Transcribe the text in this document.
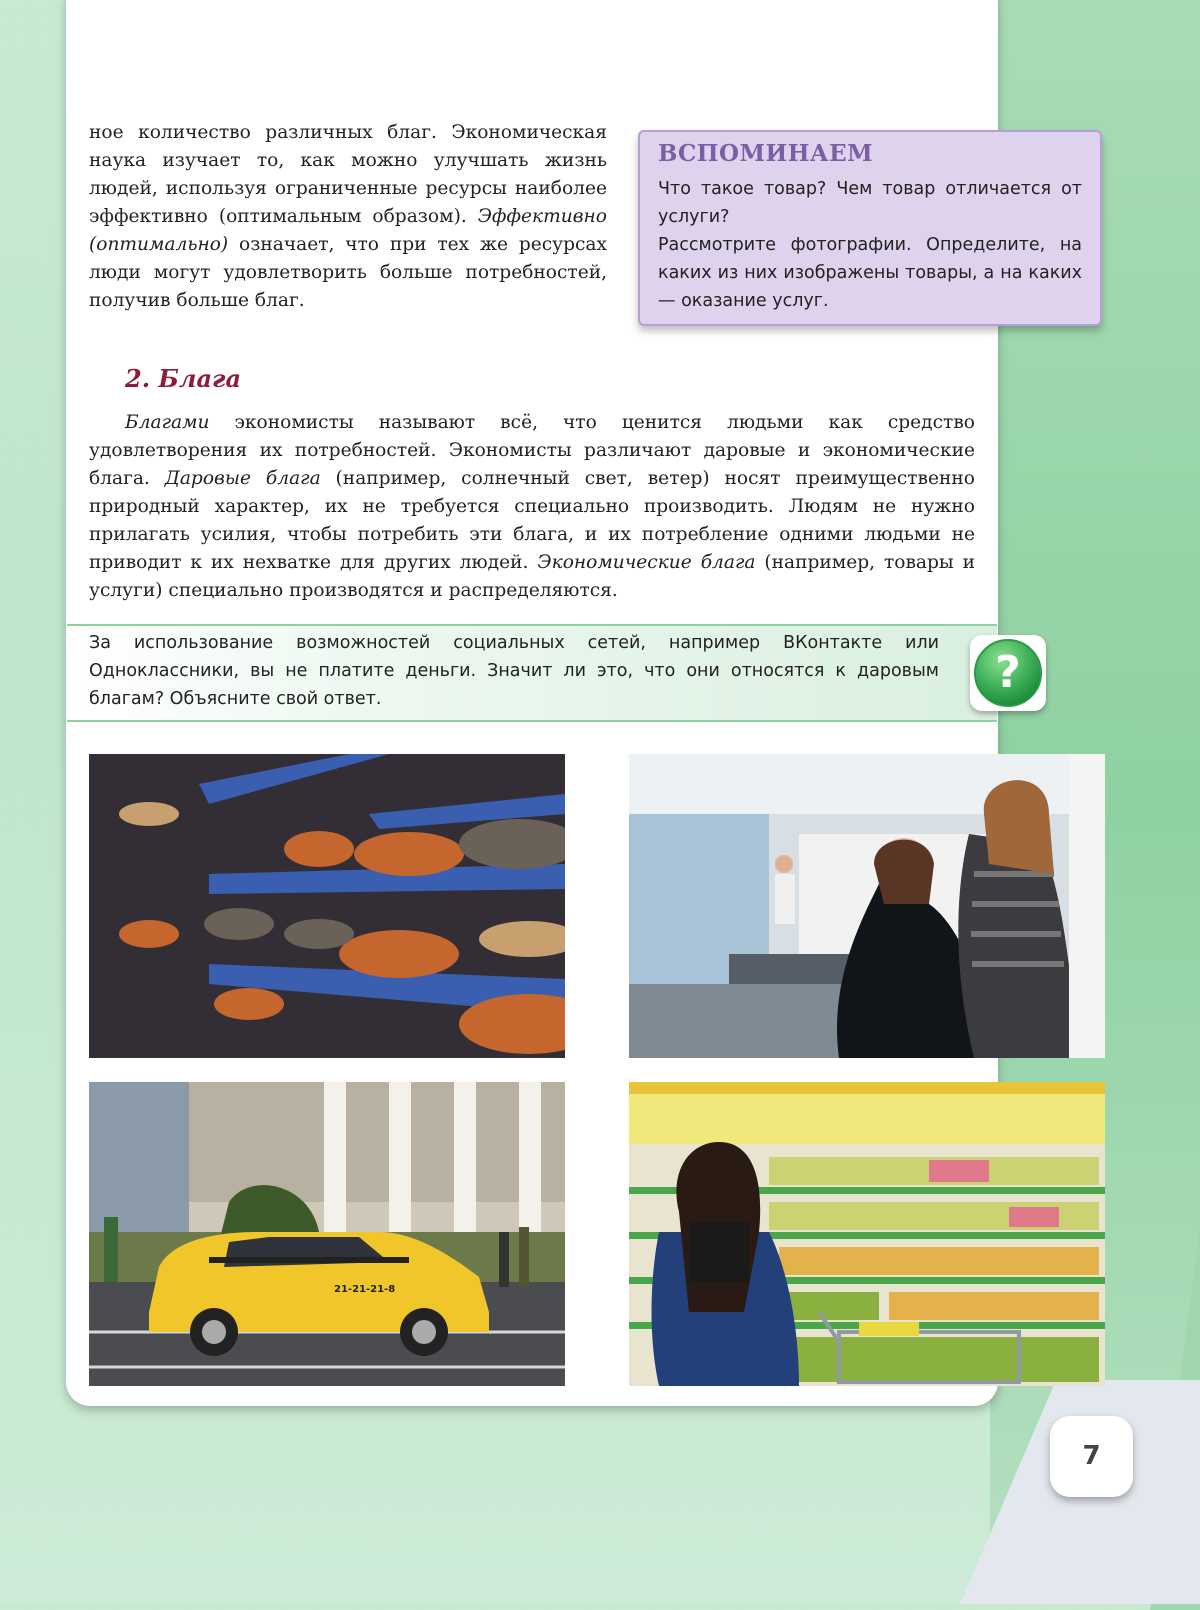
ное количество различных благ. Экономическая наука изучает то, как можно улучшать жизнь людей, используя ограниченные ресурсы наиболее эффективно (оптимальным образом). Эффективно (оптимально) означает, что при тех же ресурсах люди могут удовлетворить больше потребностей, получив больше благ.

ВСПОМИНАЕМ

Что такое товар? Чем товар отличается от услуги?

Рассмотрите фотографии. Определите, на каких из них изображены товары, а на каких — оказание услуг.

2. Блага

Благами экономисты называют всё, что ценится людьми как средство удовлетворения их потребностей. Экономисты различают даровые и экономические блага. Даровые блага (например, солнечный свет, ветер) носят преимущественно природный характер, их не требуется специально производить. Людям не нужно прилагать усилия, чтобы потребить эти блага, и их потребление одними людьми не приводит к их нехватке для других людей. Экономические блага (например, товары и услуги) специально производятся и распределяются.

За использование возможностей социальных сетей, например ВКонтакте или Одноклассники, вы не платите деньги. Значит ли это, что они относятся к даровым благам? Объясните свой ответ.

?
21-21-21-8
7
